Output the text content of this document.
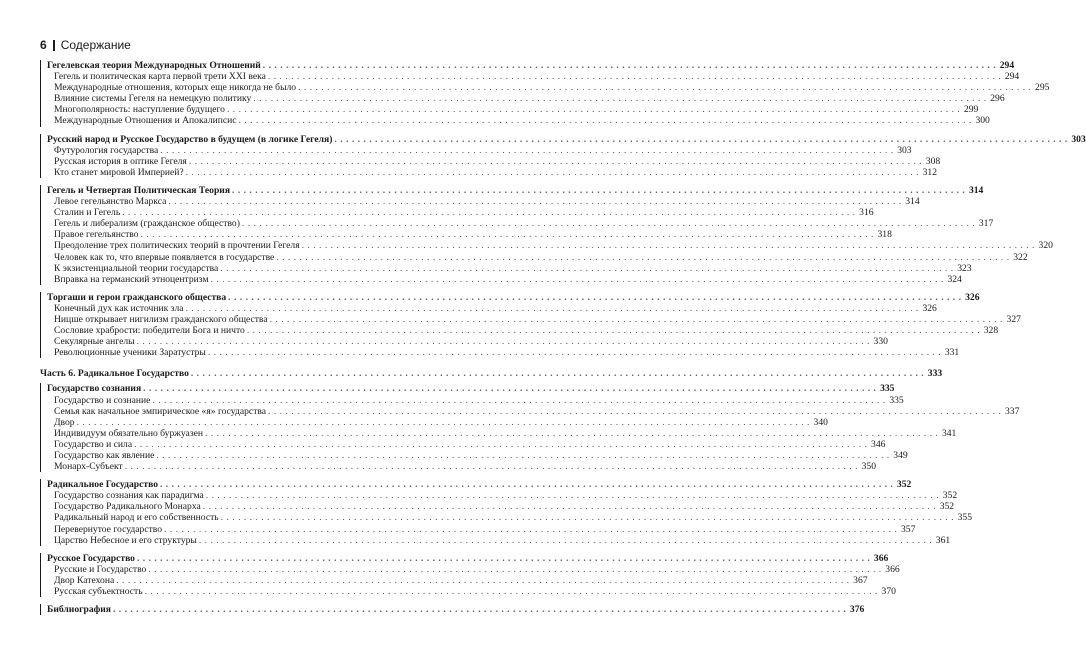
6 Содержание
Гегелевская теория Международных Отношений . . .	294
Гегель и политическая карта первой трети XXI века . . .	294
Международные отношения, которых еще никогда не было . . .	295
Влияние системы Гегеля на немецкую политику . . .	296
Многополярность: наступление будущего . . .	299
Международные Отношения и Апокалипсис . . .	300
Русский народ и Русское Государство в будущем (в логике Гегеля) . . .	303
Футурология государства . . .	303
Русская история в оптике Гегеля . . .	308
Кто станет мировой Империей? . . .	312
Гегель и Четвертая Политическая Теория . . .	314
Левое гегельянство Маркса . . .	314
Сталин и Гегель . . .	316
Гегель и либерализм (гражданское общество) . . .	317
Правое гегельянство . . .	318
Преодоление трех политических теорий в прочтении Гегеля . . .	320
Человек как то, что впервые появляется в государстве . . .	322
К экзистенциальной теории государства . . .	323
Вправка на германский этноцентризм . . .	324
Торгаши и герои гражданского общества . . .	326
Конечный дух как источник зла . . .	326
Ницше открывает нигилизм гражданского общества . . .	327
Сословие храбрости: победители Бога и ничто . . .	328
Секулярные ангелы . . .	330
Революционные ученики Заратустры . . .	331
Часть 6. Радикальное Государство . . .	333
Государство сознания . . .	335
Государство и сознание . . .	335
Семья как начальное эмпирическое «я» государства . . .	337
Двор . . .	340
Индивидуум обязательно буржуазен . . .	341
Государство и сила . . .	346
Государство как явление . . .	349
Монарх-Субъект . . .	350
Радикальное Государство . . .	352
Государство сознания как парадигма . . .	352
Государство Радикального Монарха . . .	352
Радикальный народ и его собственность . . .	355
Перевернутое государство . . .	357
Царство Небесное и его структуры . . .	361
Русское Государство . . .	366
Русские и Государство . . .	366
Двор Катехона . . .	367
Русская субъектность . . .	370
Библиография . . .	376
